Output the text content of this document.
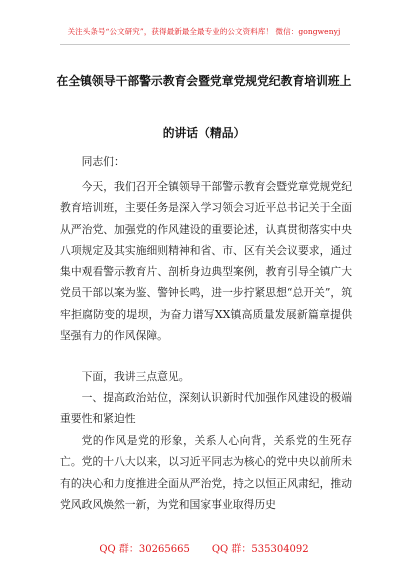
关注头条号“公文研究”，获得最新最全最专业的公文资料库！ 微信：gongwenyj
在全镇领导干部警示教育会暨党章党规党纪教育培训班上
的讲话（精品）

同志们：

今天，我们召开全镇领导干部警示教育会暨党章党规党纪教育培训班，主要任务是深入学习领会习近平总书记关于全面从严治党、加强党的作风建设的重要论述，认真贯彻落实中央八项规定及其实施细则精神和省、市、区有关会议要求，通过集中观看警示教育片、剖析身边典型案例，教育引导全镇广大党员干部以案为鉴、警钟长鸣，进一步拧紧思想“总开关”，筑牢拒腐防变的堤坝，为奋力谱写XX镇高质量发展新篇章提供坚强有力的作风保障。

下面，我讲三点意见。

一、提高政治站位，深刻认识新时代加强作风建设的极端重要性和紧迫性

党的作风是党的形象，关系人心向背，关系党的生死存亡。党的十八大以来，以习近平同志为核心的党中央以前所未有的决心和力度推进全面从严治党，持之以恒正风肃纪，推动党风政风焕然一新，为党和国家事业取得历史

QQ 群：30265665 QQ 群：535304092
